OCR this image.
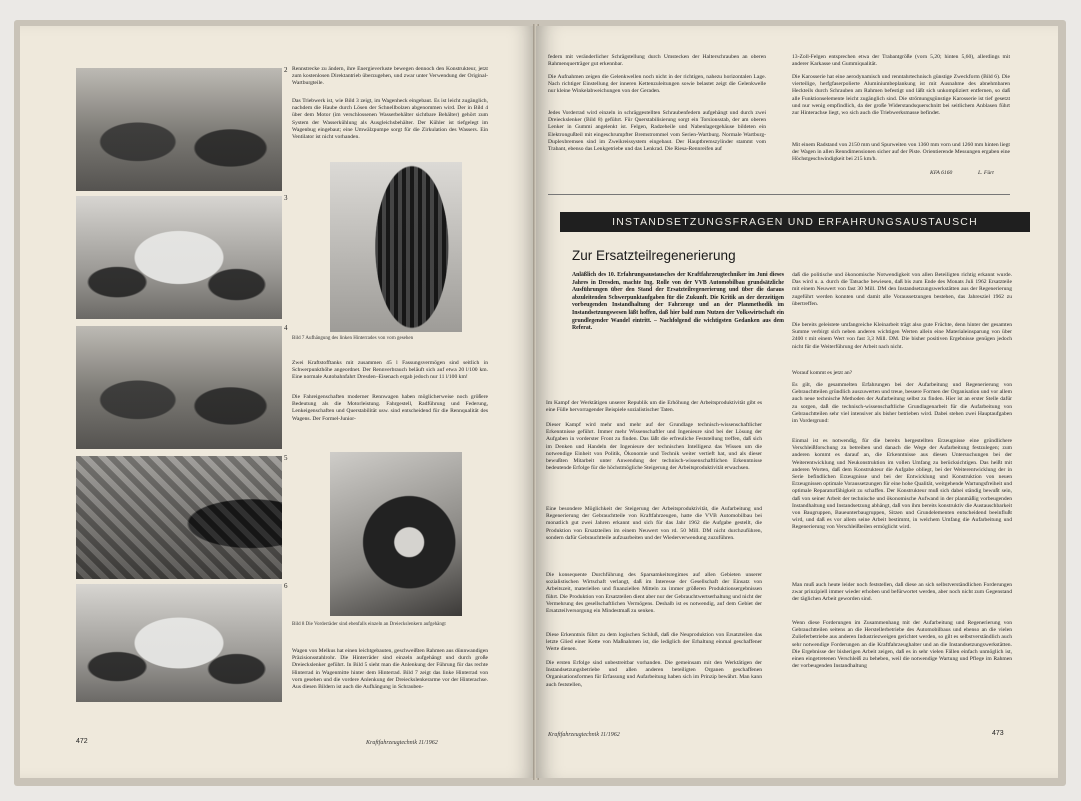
2 Rennstrecke zu ändern, ihre Energieverluste bewegen dennoch den Konstrukteur, jetzt zum kostenlosen Direktantrieb überzugehen, und zwar unter Verwendung der Original-Wartburgteile.

Das Triebwerk ist, wie Bild 3 zeigt, im Wagenheck eingebaut. Es ist leicht zugänglich, nachdem die Haube durch Lösen der Schnellbolzen abgenommen wird. Der in Bild 4 über dem Motor (im verschlossenen Wasserbehälter sichtbare Behälter) gehört zum System der Wasserkühlung als Ausgleichsbehälter. Der Kühler ist tiefgelegt im Wagenbug eingebaut; eine Umwälzpumpe sorgt für die Zirkulation des Wassers. Ein Ventilator ist nicht vorhanden.

3

Bild 7 Aufhängung des linken Hinterrades von vorn gesehen

4

Zwei Kraftstofftanks mit zusammen 45 l Fassungsvermögen sind seitlich in Schwerpunkthöhe angeordnet. Der Rennverbrauch beläuft sich auf etwa 20 l/100 km. Eine normale Autobahnfahrt Dresden–Eisenach ergab jedoch nur 11 l/100 km!

Die Fahreigenschaften moderner Rennwagen haben möglicherweise noch größere Bedeutung als die Motorleistung. Fahrgestell, Radführung und Federung, Lenkeigenschaften und Querstabilität usw. sind entscheidend für die Rennqualität des Wagens. Der Formel-Junior-

5

Bild 8 Die Vorderräder sind ebenfalls einzeln an Dreieckslenkern aufgehängt

6

Wagen von Melkus hat einen leichtgebauten, geschweißten Rahmen aus dünnwandigen Präzisionsstahlrohr. Die Hinterräder sind einzeln aufgehängt und durch große Dreieckslenker geführt. In Bild 5 sieht man die Anlenkung der Führung für das rechte Hinterrad in Wagenmitte hinter dem Hinterrad. Bild 7 zeigt das linke Hinterrad von vorn gesehen und die vordere Anlenkung der Dreieckslenkerarme vor der Hinterachse. Aus diesen Bildern ist auch die Aufhängung in Schrauben-

472	Kraftfahrzeugtechnik 11/1962

federn mit veränderlicher Schrägstellung durch Umstecken der Halterschrauben an oberen Rahmenquerträger gut erkennbar.

Die Aufnahmen zeigen die Gelenkwellen noch nicht in der richtigen, nahezu horizontalen Lage. Nach richtiger Einstellung der inneren Kettenzuleitungen sowie belastet zeigt die Gelenkwelle nur kleine Winkelabweichungen von der Geraden.

Jedes Vorderrad wird einzeln in schräggestellten Schraubenfedern aufgehängt und durch zwei Dreieckslenker (Bild 8) geführt. Für Querstabilisierung sorgt ein Torsionsstab, der am oberen Lenker in Gummi angelenkt ist. Felgen, Radzeheile und Nabenlagergehäuse bildeten ein Elektrongußteil mit eingeschrumpfter Bremstrommel vom Serien-Wartburg. Normale Wartburg-Duplexbremsen sind im Zweikreissystem eingebaut. Der Hauptbremszylinder stammt vom Trabant, ebenso das Lenkgetriebe und das Lenkrad. Die Riesa-Rennreifen auf

13-Zoll-Felgen entsprechen etwa der Trabantgröße (vorn 5,20; hinten 5,60), allerdings mit anderer Karkasse und Gummiqualität.

Die Karosserie hat eine aerodynamisch und renntahrtechnisch günstige Zweckform (Bild 6). Die vierteilige, herfgfaserpolierte Aluminiumbeplankung ist mit Ausnahme des abnehmbaren Heckteils durch Schrauben am Rahmen befestigt und läßt sich unkompliziert entfernen, so daß alle Funktionselemente leicht zugänglich sind. Die strömungsgünstige Karosserie ist tief gesetzt und nur wenig empfindlich, da der große Widerstandsquerschnitt bei seitlichem Anblasen führt zur Hinterachse liegt, wo sich auch die Triebwerksmasse befindet.

Mit einem Radstand von 2150 mm und Spurweiten von 1360 mm vorn und 1260 mm hinten liegt der Wagen in allen Renndimensionen sicher auf der Piste. Orientierende Messungen ergaben eine Höchstgeschwindigkeit bei 215 km/h.

KFA 6160	L. Fürt

Im Kampf der Werktätigen unserer Republik um die Erhöhung der Arbeitsproduktivität gibt es eine Fülle hervorragender Beispiele sozialistischer Taten.

Dieser Kampf wird mehr und mehr auf der Grundlage technisch-wissenschaftlicher Erkenntnisse geführt. Immer mehr Wissenschaftler und Ingenieure sind bei der Lösung der Aufgaben in vorderster Front zu finden. Das läßt die erfreuliche Feststellung treffen, daß sich im Denken und Handeln der Ingenieure der technischen Intelligenz das Wissen um die notwendige Einheit von Politik, Ökonomie und Technik weiter vertieft hat, und als dieser bewußten Mitarbeit unter Anwendung der technisch-wissenschaftlichen Erkenntnisse bedeutende Erfolge für die höchstmögliche Steigerung der Arbeitsproduktivität erwachsen.

Eine besondere Möglichkeit der Steigerung der Arbeitsproduktivität, die Aufarbeitung und Regenerierung der Gebrauchtteile von Kraftfahrzeugen, hatte die VVB Automobilbau bei monatlich gut zwei Jahren erkannt und sich für das Jahr 1962 die Aufgabe gestellt, die Produktion von Ersatzteilen im einem Neuwert von rd. 50 Mill. DM nicht durchzuführen, sondern dafür Gebrauchtteile aufzuarbeiten und der Wiederverwendung zuzuführen.

Die konsequente Durchführung des Sparsamkeitsregimes auf allen Gebieten unserer sozialistischen Wirtschaft verlangt, daß im Interesse der Gesellschaft der Einsatz von Arbeitszeit, materiellen und finanziellen Mitteln zu immer größeren Produktionsergebnissen führt. Die Produktion von Ersatzteilen dient aber nur der Gebrauchtwertserhaltung und nicht der Vermehrung des gesellschaftlichen Vermögens. Deshalb ist es notwendig, auf dem Gebiet der Ersatzteilversorgung ein Mindestmaß zu senken.

Diese Erkenntnis führt zu dem logischen Schluß, daß die Neuproduktion von Ersatzteilen das letzte Glied einer Kette von Maßnahmen ist, die lediglich der Erhaltung einmal geschaffener Werte dienen.

Die ersten Erfolge sind unbestreitbar vorhanden. Die gemeinsam mit den Werktätigen der Instandsetzungsbetriebe und allen anderen beteiligten Organen geschaffenen Organisationsformen für Erfassung und Aufarbeitung haben sich im Prinzip bewährt. Man kann auch feststellen,

daß die politische und ökonomische Notwendigkeit von allen Beteiligten richtig erkannt wurde. Das wird u. a. durch die Tatsache bewiesen, daß bis zum Ende des Monats Juli 1962 Ersatzteile mit einem Neuwert von fast 30 Mill. DM den Instandsetzungswerkstätten aus der Regenerierung zugeführt werden konnten und damit alle Voraussetzungen bestehen, das Jahresziel 1962 zu übertreffen.

Die bereits geleistete umfangreiche Kleinarbeit trägt also gute Früchte, denn hinter der gesamten Summe verbirgt sich neben anderen wichtigen Werten allein eine Materialeinsparung von über 2400 t mit einem Wert von fast 3,3 Mill. DM. Die bisher positiven Ergebnisse genügen jedoch nicht für die Weiterführung der Arbeit nach nicht.

Worauf kommt es jetzt an?

Es gilt, die gesammelten Erfahrungen bei der Aufarbeitung und Regenerierung von Gebrauchtteilen gründlich auszuwerten und treue, bessere Formen der Organisation und vor allem auch neue technische Methoden der Aufarbeitung selbst zu finden. Hier ist an erster Stelle dafür zu sorgen, daß die technisch-wissenschaftliche Grundlagenarbeit für die Aufarbeitung von Gebrauchtteilen sehr viel intensiver als bisher betrieben wird. Dabei stehen zwei Hauptaufgaben im Vordergrund:

Einmal ist es notwendig, für die bereits hergestellten Erzeugnisse eine gründlichere Verschleißforschung zu betreiben und danach die Wege der Aufarbeitung festzulegen; zum anderen kommt es darauf an, die Erkenntnisse aus diesen Untersuchungen bei der Weiterentwicklung und Neukonstruktion im vollen Umfang zu berücksichtigen. Das heißt mit anderen Worten, daß dem Konstrukteur die Aufgabe obliegt, bei der Weiterentwicklung der in Serie befindlichen Erzeugnisse und bei der Entwicklung und Konstruktion von neuen Erzeugnissen optimale Voraussetzungen für eine hohe Qualität, weitgehende Wartungsfreiheit und optimale Reparaturfähigkeit zu schaffen. Der Konstrukteur muß sich dabei ständig bewußt sein, daß von seiner Arbeit der technische und ökonomische Aufwand in der planmäßig vorbeugenden Instandhaltung und Instandsetzung abhängt, daß von ihm bereits konstruktiv die Austauschbarkeit von Baugruppen, Baueunterbaugruppen, Sitzen und Grundelementen entscheidend beeinflußt wird, und daß es vor allem seine Arbeit bestimmt, in welchem Umfang die Aufarbeitung und Regenerierung von Verschleißteilen ermöglicht wird.

Man muß auch heute leider noch feststellen, daß diese an sich selbstverständlichen Forderungen zwar prinzipiell immer wieder erhoben und befürwortet werden, aber noch nicht zum Gegenstand der täglichen Arbeit geworden sind.

Wenn diese Forderungen im Zusammenhang mit der Aufarbeitung und Regenerierung von Gebrauchtteilen seitens an die Herstellerbetriebe des Automobilbaus und ebenso an die vielen Zulieferbetriebe aus anderen Industriezweigen gerichtet werden, so gilt es selbstverständlich auch sehr notwendige Forderungen an die Kraftfahrzeughalter und an die Instandsetzungswerkstätten. Die Ergebnisse der bisherigen Arbeit zeigen, daß es in sehr vielen Fällen einfach unmöglich ist, einen eingetretenen Verschleiß zu beheben, weil die notwendige Wartung und Pflege im Rahmen der vorbeugenden Instandhaltung

Kraftfahrzeugtechnik 11/1962	473
INSTANDSETZUNGSFRAGEN UND ERFAHRUNGSAUSTAUSCH
Zur Ersatzteilregenerierung

Anläßlich des 10. Erfahrungsaustausches der Kraftfahrzeugtechniker im Juni dieses Jahres in Dresden, machte Ing. Rolle von der VVB Automobilbau grundsätzliche Ausführungen über den Stand der Ersatzteilregenerierung und über die daraus abzuleitenden Schwerpunktaufgaben für die Zukunft. Die Kritik an der derzeitigen vorbeugenden Instandhaltung der Fahrzeuge und an der Planmethodik im Instandsetzungswesen läßt hoffen, daß hier bald zum Nutzen der Volkswirtschaft ein grundlegender Wandel eintritt. – Nachfolgend die wichtigsten Gedanken aus dem Referat.
